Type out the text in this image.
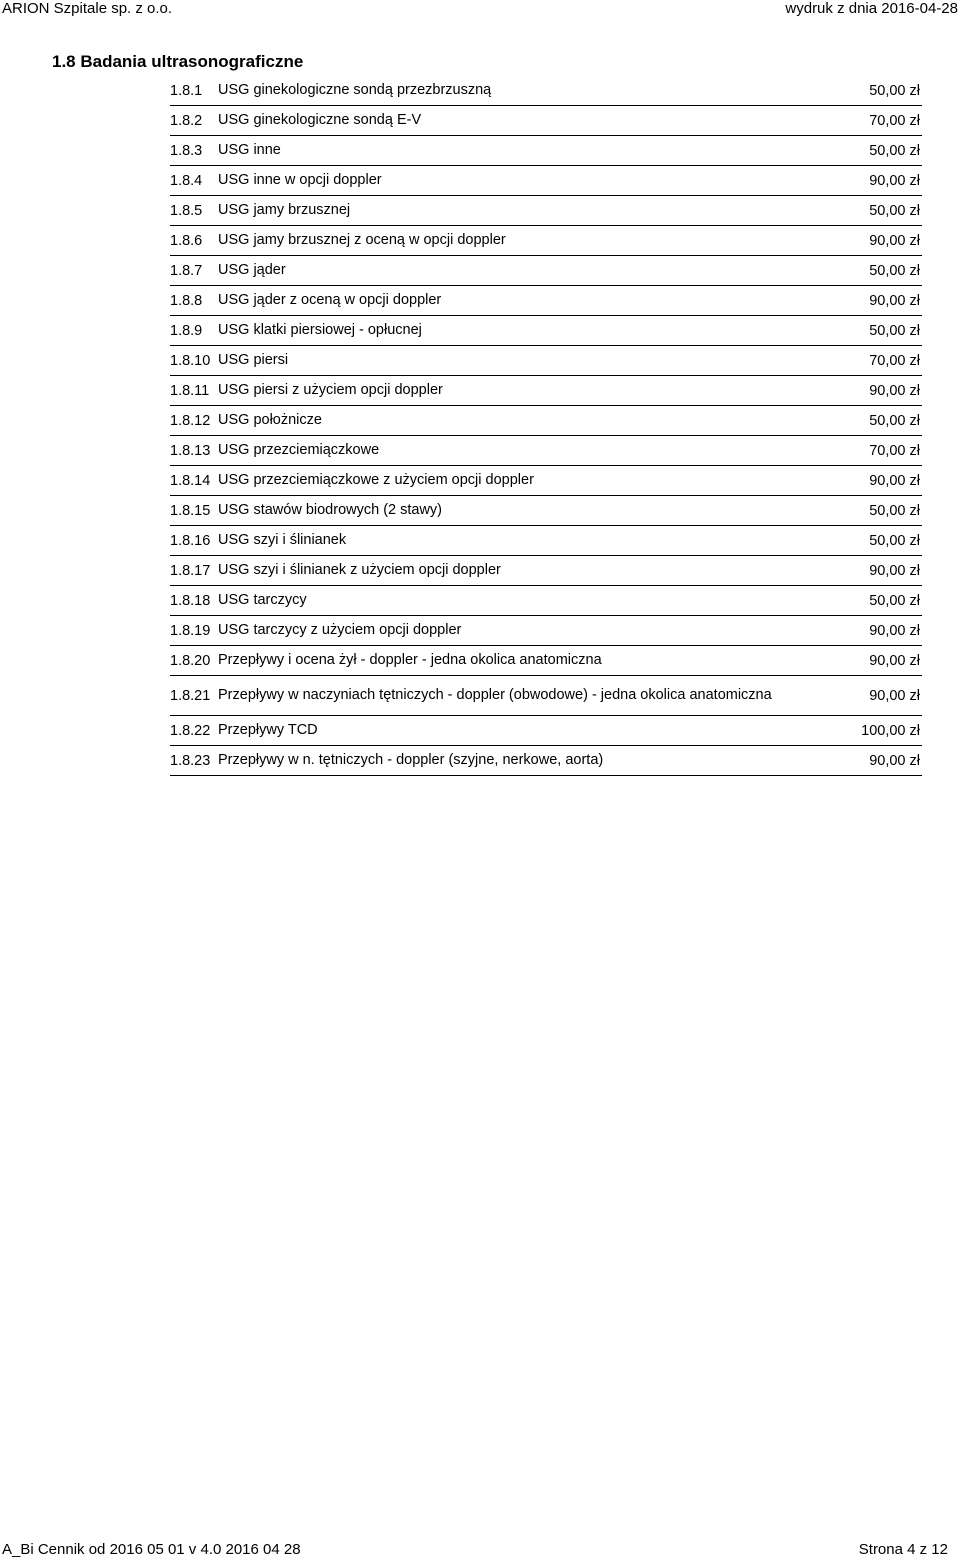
ARION Szpitale sp. z o.o.	wydruk z dnia 2016-04-28
1.8 Badania ultrasonograficzne
1.8.1	USG ginekologiczne sondą przezbrzuszną	50,00 zł
1.8.2	USG ginekologiczne sondą E-V	70,00 zł
1.8.3	USG inne	50,00 zł
1.8.4	USG inne w opcji doppler	90,00 zł
1.8.5	USG jamy brzusznej	50,00 zł
1.8.6	USG jamy brzusznej z oceną w opcji doppler	90,00 zł
1.8.7	USG jąder	50,00 zł
1.8.8	USG jąder z oceną w opcji doppler	90,00 zł
1.8.9	USG klatki piersiowej - opłucnej	50,00 zł
1.8.10 USG piersi	70,00 zł
1.8.11 USG piersi z użyciem opcji doppler	90,00 zł
1.8.12 USG położnicze	50,00 zł
1.8.13 USG przezciemiączkowe	70,00 zł
1.8.14 USG przezciemiączkowe z użyciem opcji doppler	90,00 zł
1.8.15 USG stawów biodrowych (2 stawy)	50,00 zł
1.8.16 USG szyi i ślinianek	50,00 zł
1.8.17 USG szyi i ślinianek z użyciem opcji doppler	90,00 zł
1.8.18 USG tarczycy	50,00 zł
1.8.19 USG tarczycy z użyciem opcji doppler	90,00 zł
1.8.20 Przepływy i ocena żył - doppler - jedna okolica anatomiczna	90,00 zł
1.8.21 Przepływy w naczyniach tętniczych - doppler (obwodowe) - jedna okolica anatomiczna	90,00 zł
1.8.22 Przepływy TCD	100,00 zł
1.8.23 Przepływy w n. tętniczych - doppler (szyjne, nerkowe, aorta)	90,00 zł
A_Bi Cennik od 2016 05 01 v 4.0 2016 04 28	Strona 4 z 12
